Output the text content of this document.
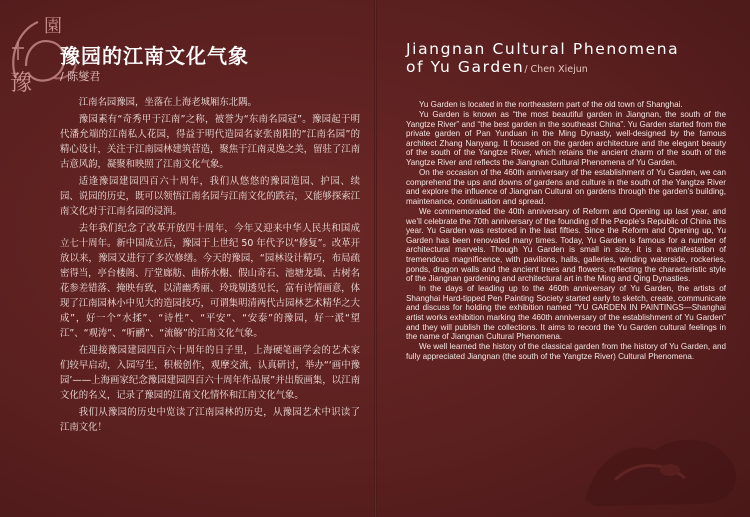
園
豫
豫园的江南文化气象
/ 陈燮君

江南名园豫园，坐落在上海老城厢东北隅。

豫园素有“奇秀甲于江南”之称，被誉为“东南名园冠”。豫园起于明代潘允端的江南私人花园，得益于明代造园名家张南阳的“江南名园”的精心设计，关注于江南园林建筑营造，聚焦于江南灵逸之美，留驻了江南古意风韵，凝聚和映照了江南文化气象。

适逢豫园建园四百六十周年，我们从悠悠的豫园造园、护园、续园、说园的历史，既可以领悟江南名园与江南文化的跌宕，又能够探索江南文化对于江南名园的浸润。

去年我们纪念了改革开放四十周年，今年又迎来中华人民共和国成立七十周年。新中国成立后，豫园于上世纪 50 年代予以“修复”。改革开放以来，豫园又进行了多次修缮。今天的豫园，“园林设计精巧，布局疏密得当，亭台楼阁、厅堂廊舫、曲桥水榭、假山奇石、池塘龙墙、古树名花参差错落、掩映有致，以清幽秀丽、玲珑剔透见长，富有诗情画意，体现了江南园林小中见大的造园技巧，可谓集明清两代古园林艺术精华之大成”，好一个“水揉”、“诗性”、“平安”、“安泰”的豫园，好一派“望江”、“观涛”、“听鹂”、“流觞”的江南文化气象。

在迎接豫园建园四百六十周年的日子里，上海硬笔画学会的艺术家们较早启动，入园写生，积极创作，观摩交流，认真研讨，举办“‘画中豫园’——上海画家纪念豫园建园四百六十周年作品展”并出版画集，以江南文化的名义，记录了豫园的江南文化情怀和江南文化气象。

我们从豫园的历史中览读了江南园林的历史，从豫园艺术中识读了江南文化！

Jiangnan Cultural Phenomena
of Yu Garden/ Chen Xiejun

Yu Garden is located in the northeastern part of the old town of Shanghai.

Yu Garden is known as “the most beautiful garden in Jiangnan, the south of the Yangtze River” and “the best garden in the southeast China”. Yu Garden started from the private garden of Pan Yunduan in the Ming Dynasty, well-designed by the famous architect Zhang Nanyang. It focused on the garden architecture and the elegant beauty of the south of the Yangtze River, which retains the ancient charm of the south of the Yangtze River and reflects the Jiangnan Cultural Phenomena of Yu Garden.

On the occasion of the 460th anniversary of the establishment of Yu Garden, we can comprehend the ups and downs of gardens and culture in the south of the Yangtze River and explore the influence of Jiangnan Cultural on gardens through the garden’s building, maintenance, continuation and spread.

We commemorated the 40th anniversary of Reform and Opening up last year, and we’ll celebrate the 70th anniversary of the founding of the People’s Republic of China this year. Yu Garden was restored in the last fifties. Since the Reform and Opening up, Yu Garden has been renovated many times. Today, Yu Garden is famous for a number of architectural marvels. Though Yu Garden is small in size, it is a manifestation of tremendous magnificence, with pavilions, halls, galleries, winding waterside, rockeries, ponds, dragon walls and the ancient trees and flowers, reflecting the characteristic style of the Jiangnan gardening and architectural art in the Ming and Qing Dynasties.

In the days of leading up to the 460th anniversary of Yu Garden, the artists of Shanghai Hard-tipped Pen Painting Society started early to sketch, create, communicate and discuss for holding the exhibition named “YU GARDEN IN PAINTINGS—Shanghai artist works exhibition marking the 460th anniversary of the establishment of Yu Garden” and they will publish the collections. It aims to record the Yu Garden cultural feelings in the name of Jiangnan Cultural Phenomena.

We well learned the history of the classical garden from the history of Yu Garden, and fully appreciated Jiangnan (the south of the Yangtze River) Cultural Phenomena.
